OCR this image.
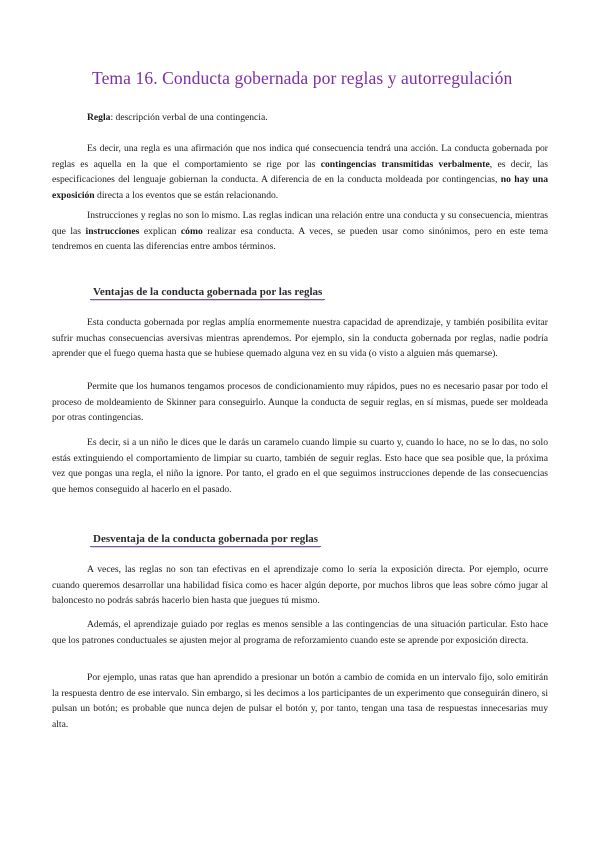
Tema 16. Conducta gobernada por reglas y autorregulación

Regla: descripción verbal de una contingencia.

Es decir, una regla es una afirmación que nos indica qué consecuencia tendrá una acción. La conducta gobernada por reglas es aquella en la que el comportamiento se rige por las contingencias transmitidas verbalmente, es decir, las especificaciones del lenguaje gobiernan la conducta. A diferencia de en la conducta moldeada por contingencias, no hay una exposición directa a los eventos que se están relacionando.

Instrucciones y reglas no son lo mismo. Las reglas indican una relación entre una conducta y su consecuencia, mientras que las instrucciones explican cómo realizar esa conducta. A veces, se pueden usar como sinónimos, pero en este tema tendremos en cuenta las diferencias entre ambos términos.

Ventajas de la conducta gobernada por las reglas

Esta conducta gobernada por reglas amplía enormemente nuestra capacidad de aprendizaje, y también posibilita evitar sufrir muchas consecuencias aversivas mientras aprendemos. Por ejemplo, sin la conducta gobernada por reglas, nadie podría aprender que el fuego quema hasta que se hubiese quemado alguna vez en su vida (o visto a alguien más quemarse).

Permite que los humanos tengamos procesos de condicionamiento muy rápidos, pues no es necesario pasar por todo el proceso de moldeamiento de Skinner para conseguirlo. Aunque la conducta de seguir reglas, en sí mismas, puede ser moldeada por otras contingencias.

Es decir, si a un niño le dices que le darás un caramelo cuando limpie su cuarto y, cuando lo hace, no se lo das, no solo estás extinguiendo el comportamiento de limpiar su cuarto, también de seguir reglas. Esto hace que sea posible que, la próxima vez que pongas una regla, el niño la ignore. Por tanto, el grado en el que seguimos instrucciones depende de las consecuencias que hemos conseguido al hacerlo en el pasado.

Desventaja de la conducta gobernada por reglas

A veces, las reglas no son tan efectivas en el aprendizaje como lo sería la exposición directa. Por ejemplo, ocurre cuando queremos desarrollar una habilidad física como es hacer algún deporte, por muchos libros que leas sobre cómo jugar al baloncesto no podrás sabrás hacerlo bien hasta que juegues tú mismo.

Además, el aprendizaje guiado por reglas es menos sensible a las contingencias de una situación particular. Esto hace que los patrones conductuales se ajusten mejor al programa de reforzamiento cuando este se aprende por exposición directa.

Por ejemplo, unas ratas que han aprendido a presionar un botón a cambio de comida en un intervalo fijo, solo emitirán la respuesta dentro de ese intervalo. Sin embargo, si les decimos a los participantes de un experimento que conseguirán dinero, si pulsan un botón; es probable que nunca dejen de pulsar el botón y, por tanto, tengan una tasa de respuestas innecesarias muy alta.
